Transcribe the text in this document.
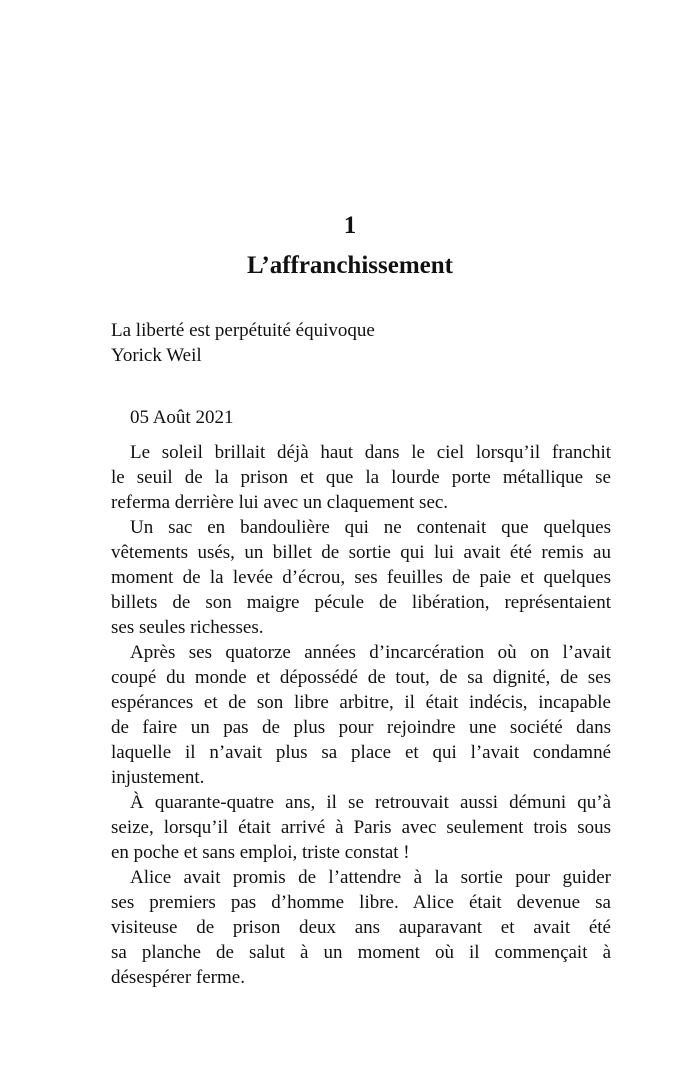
1
L’affranchissement
La liberté est perpétuité équivoque
Yorick Weil
05 Août 2021
Le soleil brillait déjà haut dans le ciel lorsqu’il franchit
le seuil de la prison et que la lourde porte métallique se
referma derrière lui avec un claquement sec.
Un sac en bandoulière qui ne contenait que quelques
vêtements usés, un billet de sortie qui lui avait été remis au
moment de la levée d’écrou, ses feuilles de paie et quelques
billets de son maigre pécule de libération, représentaient
ses seules richesses.
Après ses quatorze années d’incarcération où on l’avait
coupé du monde et dépossédé de tout, de sa dignité, de ses
espérances et de son libre arbitre, il était indécis, incapable
de faire un pas de plus pour rejoindre une société dans
laquelle il n’avait plus sa place et qui l’avait condamné
injustement.
À quarante-quatre ans, il se retrouvait aussi démuni qu’à
seize, lorsqu’il était arrivé à Paris avec seulement trois sous
en poche et sans emploi, triste constat !
Alice avait promis de l’attendre à la sortie pour guider
ses premiers pas d’homme libre. Alice était devenue sa
visiteuse de prison deux ans auparavant et avait été
sa planche de salut à un moment où il commençait à
désespérer ferme.
